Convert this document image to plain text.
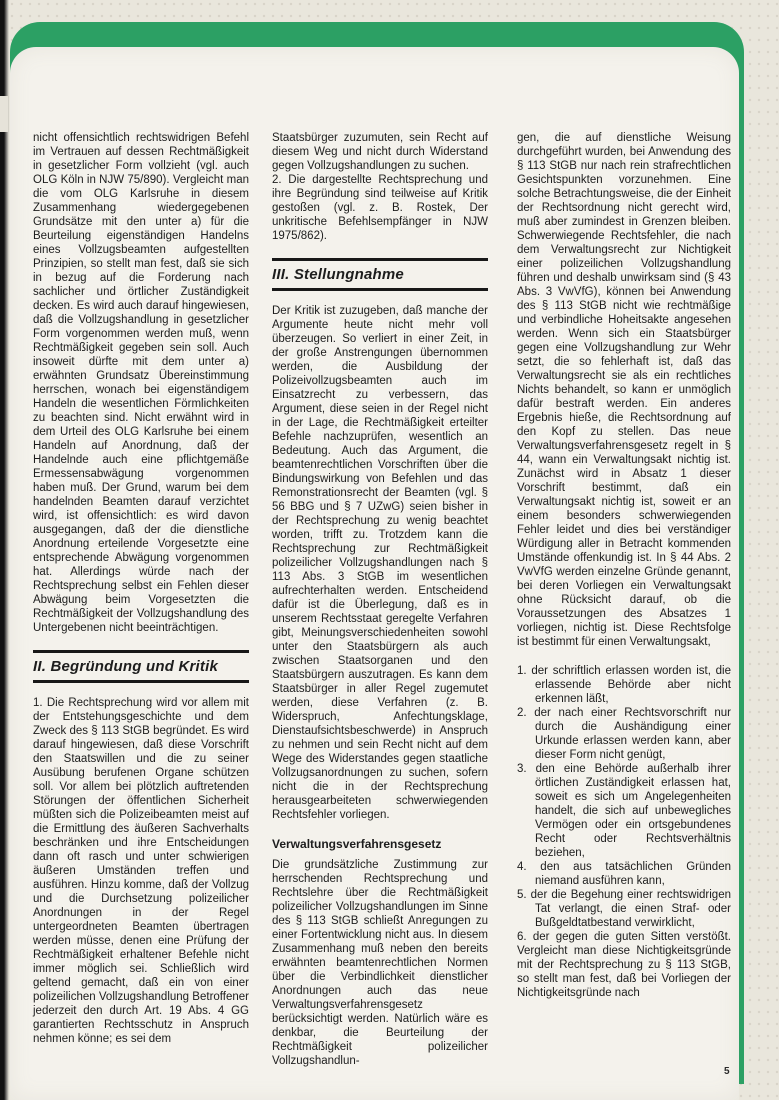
nicht offensichtlich rechtswidrigen Befehl im Vertrauen auf dessen Rechtmäßigkeit in gesetzlicher Form vollzieht (vgl. auch OLG Köln in NJW 75/890). Vergleicht man die vom OLG Karlsruhe in diesem Zusammenhang wiedergegebenen Grundsätze mit den unter a) für die Beurteilung eigenständigen Handelns eines Vollzugsbeamten aufgestellten Prinzipien, so stellt man fest, daß sie sich in bezug auf die Forderung nach sachlicher und örtlicher Zuständigkeit decken. Es wird auch darauf hingewiesen, daß die Vollzugshandlung in gesetzlicher Form vorgenommen werden muß, wenn Rechtmäßigkeit gegeben sein soll. Auch insoweit dürfte mit dem unter a) erwähnten Grundsatz Übereinstimmung herrschen, wonach bei eigenständigem Handeln die wesentlichen Förmlichkeiten zu beachten sind. Nicht erwähnt wird in dem Urteil des OLG Karlsruhe bei einem Handeln auf Anordnung, daß der Handelnde auch eine pflichtgemäße Ermessensabwägung vorgenommen haben muß. Der Grund, warum bei dem handelnden Beamten darauf verzichtet wird, ist offensichtlich: es wird davon ausgegangen, daß der die dienstliche Anordnung erteilende Vorgesetzte eine entsprechende Abwägung vorgenommen hat. Allerdings würde nach der Rechtsprechung selbst ein Fehlen dieser Abwägung beim Vorgesetzten die Rechtmäßigkeit der Vollzugshandlung des Untergebenen nicht beeinträchtigen.

II. Begründung und Kritik

1. Die Rechtsprechung wird vor allem mit der Entstehungsgeschichte und dem Zweck des § 113 StGB begründet. Es wird darauf hingewiesen, daß diese Vorschrift den Staatswillen und die zu seiner Ausübung berufenen Organe schützen soll. Vor allem bei plötzlich auftretenden Störungen der öffentlichen Sicherheit müßten sich die Polizeibeamten meist auf die Ermittlung des äußeren Sachverhalts beschränken und ihre Entscheidungen dann oft rasch und unter schwierigen äußeren Umständen treffen und ausführen. Hinzu komme, daß der Vollzug und die Durchsetzung polizeilicher Anordnungen in der Regel untergeordneten Beamten übertragen werden müsse, denen eine Prüfung der Rechtmäßigkeit erhaltener Befehle nicht immer möglich sei. Schließlich wird geltend gemacht, daß ein von einer polizeilichen Vollzugshandlung Betroffener jederzeit den durch Art. 19 Abs. 4 GG garantierten Rechtsschutz in Anspruch nehmen könne; es sei dem

Staatsbürger zuzumuten, sein Recht auf diesem Weg und nicht durch Widerstand gegen Vollzugshandlungen zu suchen.

2. Die dargestellte Rechtsprechung und ihre Begründung sind teilweise auf Kritik gestoßen (vgl. z. B. Rostek, Der unkritische Befehlsempfänger in NJW 1975/862).

III. Stellungnahme

Der Kritik ist zuzugeben, daß manche der Argumente heute nicht mehr voll überzeugen. So verliert in einer Zeit, in der große Anstrengungen übernommen werden, die Ausbildung der Polizeivollzugsbeamten auch im Einsatzrecht zu verbessern, das Argument, diese seien in der Regel nicht in der Lage, die Rechtmäßigkeit erteilter Befehle nachzuprüfen, wesentlich an Bedeutung. Auch das Argument, die beamtenrechtlichen Vorschriften über die Bindungswirkung von Befehlen und das Remonstrationsrecht der Beamten (vgl. § 56 BBG und § 7 UZwG) seien bisher in der Rechtsprechung zu wenig beachtet worden, trifft zu. Trotzdem kann die Rechtsprechung zur Rechtmäßigkeit polizeilicher Vollzugshandlungen nach § 113 Abs. 3 StGB im wesentlichen aufrechterhalten werden. Entscheidend dafür ist die Überlegung, daß es in unserem Rechtsstaat geregelte Verfahren gibt, Meinungsverschiedenheiten sowohl unter den Staatsbürgern als auch zwischen Staatsorganen und den Staatsbürgern auszutragen. Es kann dem Staatsbürger in aller Regel zugemutet werden, diese Verfahren (z. B. Widerspruch, Anfechtungsklage, Dienstaufsichtsbeschwerde) in Anspruch zu nehmen und sein Recht nicht auf dem Wege des Widerstandes gegen staatliche Vollzugsanordnungen zu suchen, sofern nicht die in der Rechtsprechung herausgearbeiteten schwerwiegenden Rechtsfehler vorliegen.

Verwaltungsverfahrensgesetz

Die grundsätzliche Zustimmung zur herrschenden Rechtsprechung und Rechtslehre über die Rechtmäßigkeit polizeilicher Vollzugshandlungen im Sinne des § 113 StGB schließt Anregungen zu einer Fortentwicklung nicht aus. In diesem Zusammenhang muß neben den bereits erwähnten beamtenrechtlichen Normen über die Verbindlichkeit dienstlicher Anordnungen auch das neue Verwaltungsverfahrensgesetz berücksichtigt werden. Natürlich wäre es denkbar, die Beurteilung der Rechtmäßigkeit polizeilicher Vollzugshandlun-

gen, die auf dienstliche Weisung durchgeführt wurden, bei Anwendung des § 113 StGB nur nach rein strafrechtlichen Gesichtspunkten vorzunehmen. Eine solche Betrachtungsweise, die der Einheit der Rechtsordnung nicht gerecht wird, muß aber zumindest in Grenzen bleiben. Schwerwiegende Rechtsfehler, die nach dem Verwaltungsrecht zur Nichtigkeit einer polizeilichen Vollzugshandlung führen und deshalb unwirksam sind (§ 43 Abs. 3 VwVfG), können bei Anwendung des § 113 StGB nicht wie rechtmäßige und verbindliche Hoheitsakte angesehen werden. Wenn sich ein Staatsbürger gegen eine Vollzugshandlung zur Wehr setzt, die so fehlerhaft ist, daß das Verwaltungsrecht sie als ein rechtliches Nichts behandelt, so kann er unmöglich dafür bestraft werden. Ein anderes Ergebnis hieße, die Rechtsordnung auf den Kopf zu stellen. Das neue Verwaltungsverfahrensgesetz regelt in § 44, wann ein Verwaltungsakt nichtig ist. Zunächst wird in Absatz 1 dieser Vorschrift bestimmt, daß ein Verwaltungsakt nichtig ist, soweit er an einem besonders schwerwiegenden Fehler leidet und dies bei verständiger Würdigung aller in Betracht kommenden Umstände offenkundig ist. In § 44 Abs. 2 VwVfG werden einzelne Gründe genannt, bei deren Vorliegen ein Verwaltungsakt ohne Rücksicht darauf, ob die Voraussetzungen des Absatzes 1 vorliegen, nichtig ist. Diese Rechtsfolge ist bestimmt für einen Verwaltungsakt,

1. der schriftlich erlassen worden ist, die erlassende Behörde aber nicht erkennen läßt,

2. der nach einer Rechtsvorschrift nur durch die Aushändigung einer Urkunde erlassen werden kann, aber dieser Form nicht genügt,

3. den eine Behörde außerhalb ihrer örtlichen Zuständigkeit erlassen hat, soweit es sich um Angelegenheiten handelt, die sich auf unbewegliches Vermögen oder ein ortsgebundenes Recht oder Rechtsverhältnis beziehen,

4. den aus tatsächlichen Gründen niemand ausführen kann,

5. der die Begehung einer rechtswidrigen Tat verlangt, die einen Straf- oder Bußgeldtatbestand verwirklicht,

6. der gegen die guten Sitten verstößt. Vergleicht man diese Nichtigkeitsgründe mit der Rechtsprechung zu § 113 StGB, so stellt man fest, daß bei Vorliegen der Nichtigkeitsgründe nach

5
